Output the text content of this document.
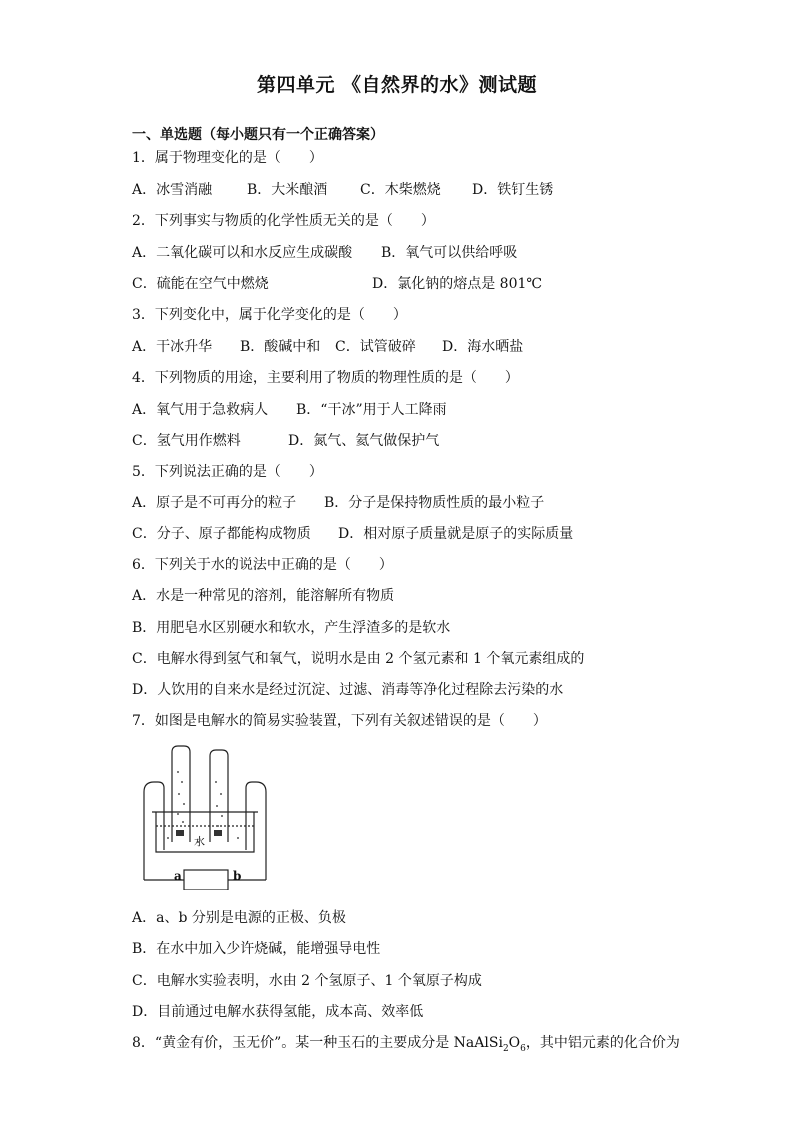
第四单元 《自然界的水》测试题
一、单选题（每小题只有一个正确答案）
1．属于物理变化的是（　　）
A．冰雪消融 B．大米酿酒 C．木柴燃烧 D．铁钉生锈
2．下列事实与物质的化学性质无关的是（　　）
A．二氧化碳可以和水反应生成碳酸 B．氧气可以供给呼吸
C．硫能在空气中燃烧	D．氯化钠的熔点是 801℃
3．下列变化中，属于化学变化的是（　　）
A．干冰升华 B．酸碱中和 C．试管破碎 D．海水晒盐
4．下列物质的用途，主要利用了物质的物理性质的是（　　）
A．氧气用于急救病人 B．“干冰”用于人工降雨
C．氢气用作燃料	D．氮气、氦气做保护气
5．下列说法正确的是（　　）
A．原子是不可再分的粒子 B．分子是保持物质性质的最小粒子
C．分子、原子都能构成物质 D．相对原子质量就是原子的实际质量
6．下列关于水的说法中正确的是（　　）
A．水是一种常见的溶剂，能溶解所有物质
B．用肥皂水区别硬水和软水，产生浮渣多的是软水
C．电解水得到氢气和氧气，说明水是由 2 个氢元素和 1 个氧元素组成的
D．人饮用的自来水是经过沉淀、过滤、消毒等净化过程除去污染的水
7．如图是电解水的简易实验装置，下列有关叙述错误的是（　　）
水
a	b
A．a、b 分别是电源的正极、负极
B．在水中加入少许烧碱，能增强导电性
C．电解水实验表明，水由 2 个氢原子、1 个氧原子构成
D．目前通过电解水获得氢能，成本高、效率低
8．“黄金有价，玉无价”。某一种玉石的主要成分是 $NaAlSi_2O_6$，其中铝元素的化合价为
